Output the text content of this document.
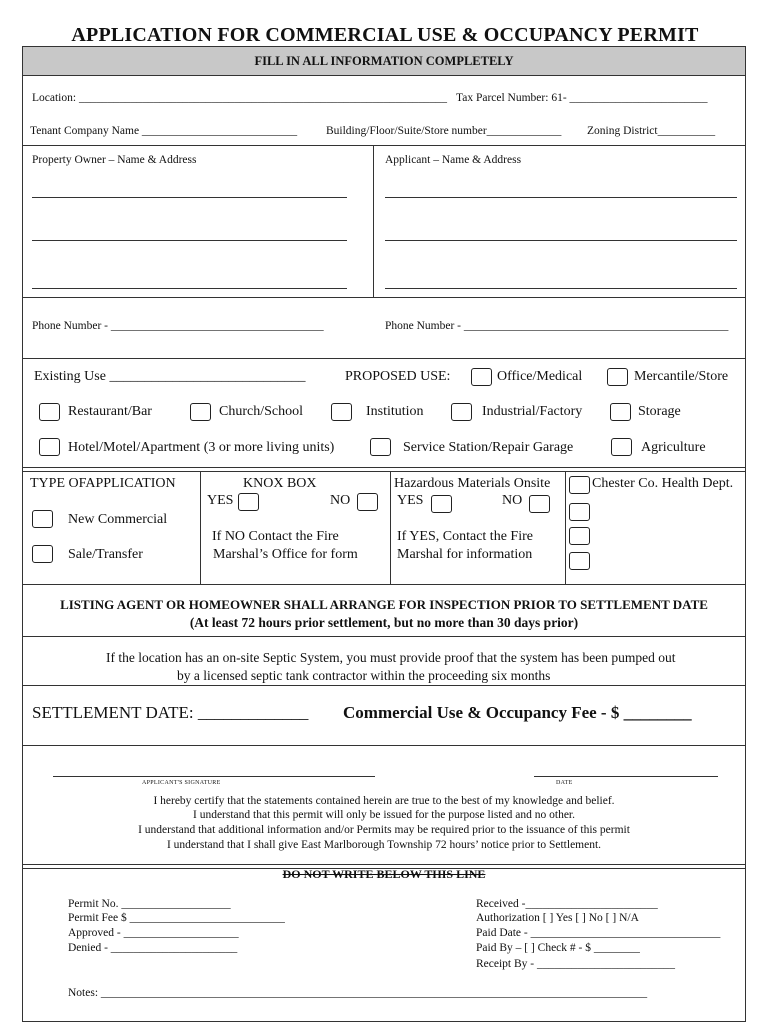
APPLICATION FOR COMMERCIAL USE & OCCUPANCY PERMIT
FILL IN ALL INFORMATION COMPLETELY
Location: ________________________________________________________________ Tax Parcel Number: 61- ________________________
Tenant Company Name ___________________________	Building/Floor/Suite/Store number_____________ Zoning District__________
Property Owner – Name & Address	Applicant – Name & Address
Phone Number - _____________________________________	Phone Number - ______________________________________________
Existing Use ____________________________	PROPOSED USE:	Office/Medical	Mercantile/Store
Restaurant/Bar	Church/School	Institution	Industrial/Factory	Storage
Hotel/Motel/Apartment (3 or more living units)	Service Station/Repair Garage	Agriculture
TYPE OFAPPLICATION
New Commercial
Sale/Transfer
KNOX BOX
YES	NO
If NO Contact the Fire
Marshal’s Office for form
Hazardous Materials Onsite
YES	NO
If YES, Contact the Fire
Marshal for information
Chester Co. Health Dept.
LISTING AGENT OR HOMEOWNER SHALL ARRANGE FOR INSPECTION PRIOR TO SETTLEMENT DATE
(At least 72 hours prior settlement, but no more than 30 days prior)
If the location has an on-site Septic System, you must provide proof that the system has been pumped out
by a licensed septic tank contractor within the proceeding six months
SETTLEMENT DATE: _____________ Commercial Use & Occupancy Fee - $ ________
APPLICANT'S SIGNATURE	DATE
I hereby certify that the statements contained herein are true to the best of my knowledge and belief.
I understand that this permit will only be issued for the purpose listed and no other.
I understand that additional information and/or Permits may be required prior to the issuance of this permit
I understand that I shall give East Marlborough Township 72 hours’ notice prior to Settlement.
DO NOT WRITE BELOW THIS LINE
Permit No. ___________________
Permit Fee $ ___________________________
Approved - ____________________
Denied - ______________________
Received -_______________________
Authorization [ ] Yes [ ] No [ ] N/A
Paid Date - _________________________________
Paid By – [ ] Check # - $ ________
Receipt By - ________________________
Notes: _______________________________________________________________________________________________
